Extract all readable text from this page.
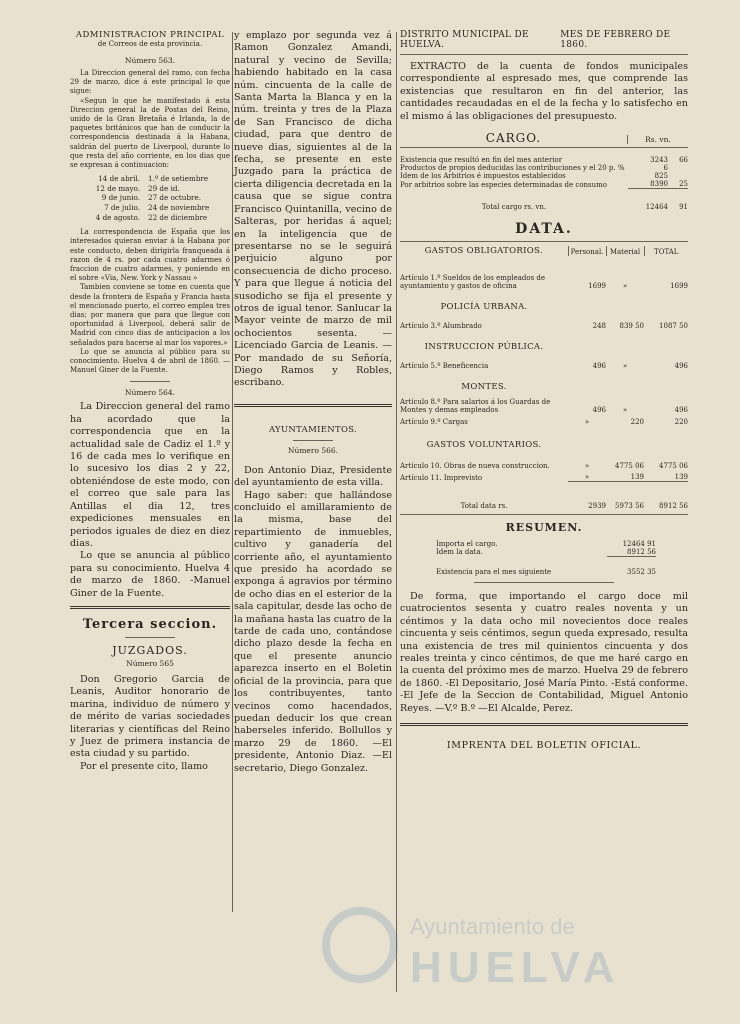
ADMINISTRACION PRINCIPAL
de Correos de esta provincia.
Número 563.

La Direccion general del ramo, con fecha 29 de marzo, dice á este principal lo que sigue:

«Segun lo que he manifestado á esta Direccion general la de Postas del Reino, unido de la Gran Bretaña é Irlanda, la de paquetes británicos que han de conducir la correspondencia destinada á la Habana, saldrán del puerto de Liverpool, durante lo que resta del año corriente, en los dias que se expresan á continuacion:

14 de abril.	1.º de setiembre
12 de mayo.	29 de id.
9 de junio.	27 de octubre.
7 de julio.	24 de noviembre
4 de agosto.	22 de diciembre

La correspondencia de España que los interesados quieran enviar á la Habana por este conducto, deben dirigirla franqueada á razon de 4 rs. por cada cuatro adarmes ó fraccion de cuatro adarmes, y poniendo en el sobre «Via, New. York y Nassau »

Tambien conviene se tome en cuenta que desde la frontera de España y Francia hasta el mencionado puerto, el correo emplea tres dias; por manera que para que llegue con oportunidad á Liverpool, deberá salir de Madrid con cinco dias de anticipacion a los señalados para hacerse al mar los vapores.»

Lo que se anuncia al público para su conocimiento. Huelva 4 de abril de 1860. —Manuel Giner de la Fuente.

Número 564.

La Direccion general del ramo ha acordado que la correspondencia que en la actualidad sale de Cadiz el 1.º y 16 de cada mes lo verifique en lo sucesivo los dias 2 y 22, obteniéndose de este modo, con el correo que sale para las Antillas el dia 12, tres expediciones mensuales en periodos iguales de diez en diez dias.

Lo que se anuncia al público para su conocimiento. Huelva 4 de marzo de 1860. -Manuel Giner de la Fuente.

Tercera seccion.
JUZGADOS.
Número 565

Don Gregorio Garcia de Leanis, Auditor honorario de marina, individuo de número y de mérito de varias sociedades literarias y científicas del Reino y Juez de primera instancia de esta ciudad y su partido.

Por el presente cito, llamo

y emplazo por segunda vez á Ramon Gonzalez Amandi, natural y vecino de Sevilla; habiendo habitado en la casa núm. cincuenta de la calle de Santa Marta la Blanca y en la núm. treinta y tres de la Plaza de San Francisco de dicha ciudad, para que dentro de nueve dias, siguientes al de la fecha, se presente en este Juzgado para la práctica de cierta diligencia decretada en la causa que se sigue contra Francisco Quintanilla, vecino de Salteras, por heridas á aquel; en la inteligencia que de presentarse no se le seguirá perjuicio alguno por consecuencia de dicho proceso. Y para que llegue á noticia del susodicho se fija el presente y otros de igual tenor. Sanlucar la Mayor veinte de marzo de mil ochocientos sesenta. —Licenciado Garcia de Leanis. —Por mandado de su Señoría, Diego Ramos y Robles, escribano.

AYUNTAMIENTOS.
Número 566.

Don Antonio Diaz, Presidente del ayuntamiento de esta villa.

Hago saber: que hallándose concluido el amillaramiento de la misma, base del repartimiento de inmuebles, cultivo y ganadería del corriente año, el ayuntamiento que presido ha acordado se exponga á agravios por término de ocho dias en el esterior de la sala capitular, desde las ocho de la mañana hasta las cuatro de la tarde de cada uno, contándose dicho plazo desde la fecha en que el presente anuncio aparezca inserto en el Boletin oficial de la provincia, para que los contribuyentes, tanto vecinos como hacendados, puedan deducir los que crean haberseles inferido. Bollullos y marzo 29 de 1860. —El presidente, Antonio Diaz. —El secretario, Diego Gonzalez.

DISTRITO MUNICIPAL DE HUELVA.
MES DE FEBRERO DE 1860.

EXTRACTO de la cuenta de fondos municipales correspondiente al espresado mes, que comprende las existencias que resultaron en fin del anterior, las cantidades recaudadas en el de la fecha y lo satisfecho en el mismo á las obligaciones del presupuesto.

CARGO.	Rs. vn.
Existencia que resultó en fin del mes anterior	3243	66
Productos de propios deducidas las contribuciones y el 20 p. %	6	
Idem de los Arbitrios é impuestos establecidos	825	
Por arbitrios sobre las especies determinadas de consumo	8390	25
Total cargo rs. vn.	12464	91
DATA.
GASTOS OBLIGATORIOS.	Personal.	Material	TOTAL
Artículo 1.º Sueldos de los empleados de ayuntamiento y gastos de oficina	1699	»	1699
POLICÍA URBANA.			
Artículo 3.º Alumbrado	248	839 50	1087 50
INSTRUCCION PÚBLICA.			
Artículo 5.º Beneficencia	496	»	496
MONTES.			
Artículo 8.º Para salarios á los Guardas de Montes y demas empleados	496	»	496
Artículo 9.º Cargas	»	220	220
GASTOS VOLUNTARIOS.			
Artículo 10. Obras de nueva construccion.	»	4775 06	4775 06
Artículo 11. Imprevisto	»	139	139
Total data rs.	2939	5973 56	8912 56
RESUMEN.
Importa el cargo.	12464 91
Idem la data.	8912 56
Existencia para el mes siguiente	3552 35

De forma, que importando el cargo doce mil cuatrocientos sesenta y cuatro reales noventa y un céntimos y la data ocho mil novecientos doce reales cincuenta y seis céntimos, segun queda expresado, resulta una existencia de tres mil quinientos cincuenta y dos reales treinta y cinco céntimos, de que me haré cargo en la cuenta del próximo mes de marzo. Huelva 29 de febrero de 1860. -El Depositario, José María Pinto. -Está conforme. -El Jefe de la Seccion de Contabilidad, Miguel Antonio Reyes. —V.º B.º —El Alcalde, Perez.

IMPRENTA DEL BOLETIN OFICIAL.
Ayuntamiento de
HUELVA
